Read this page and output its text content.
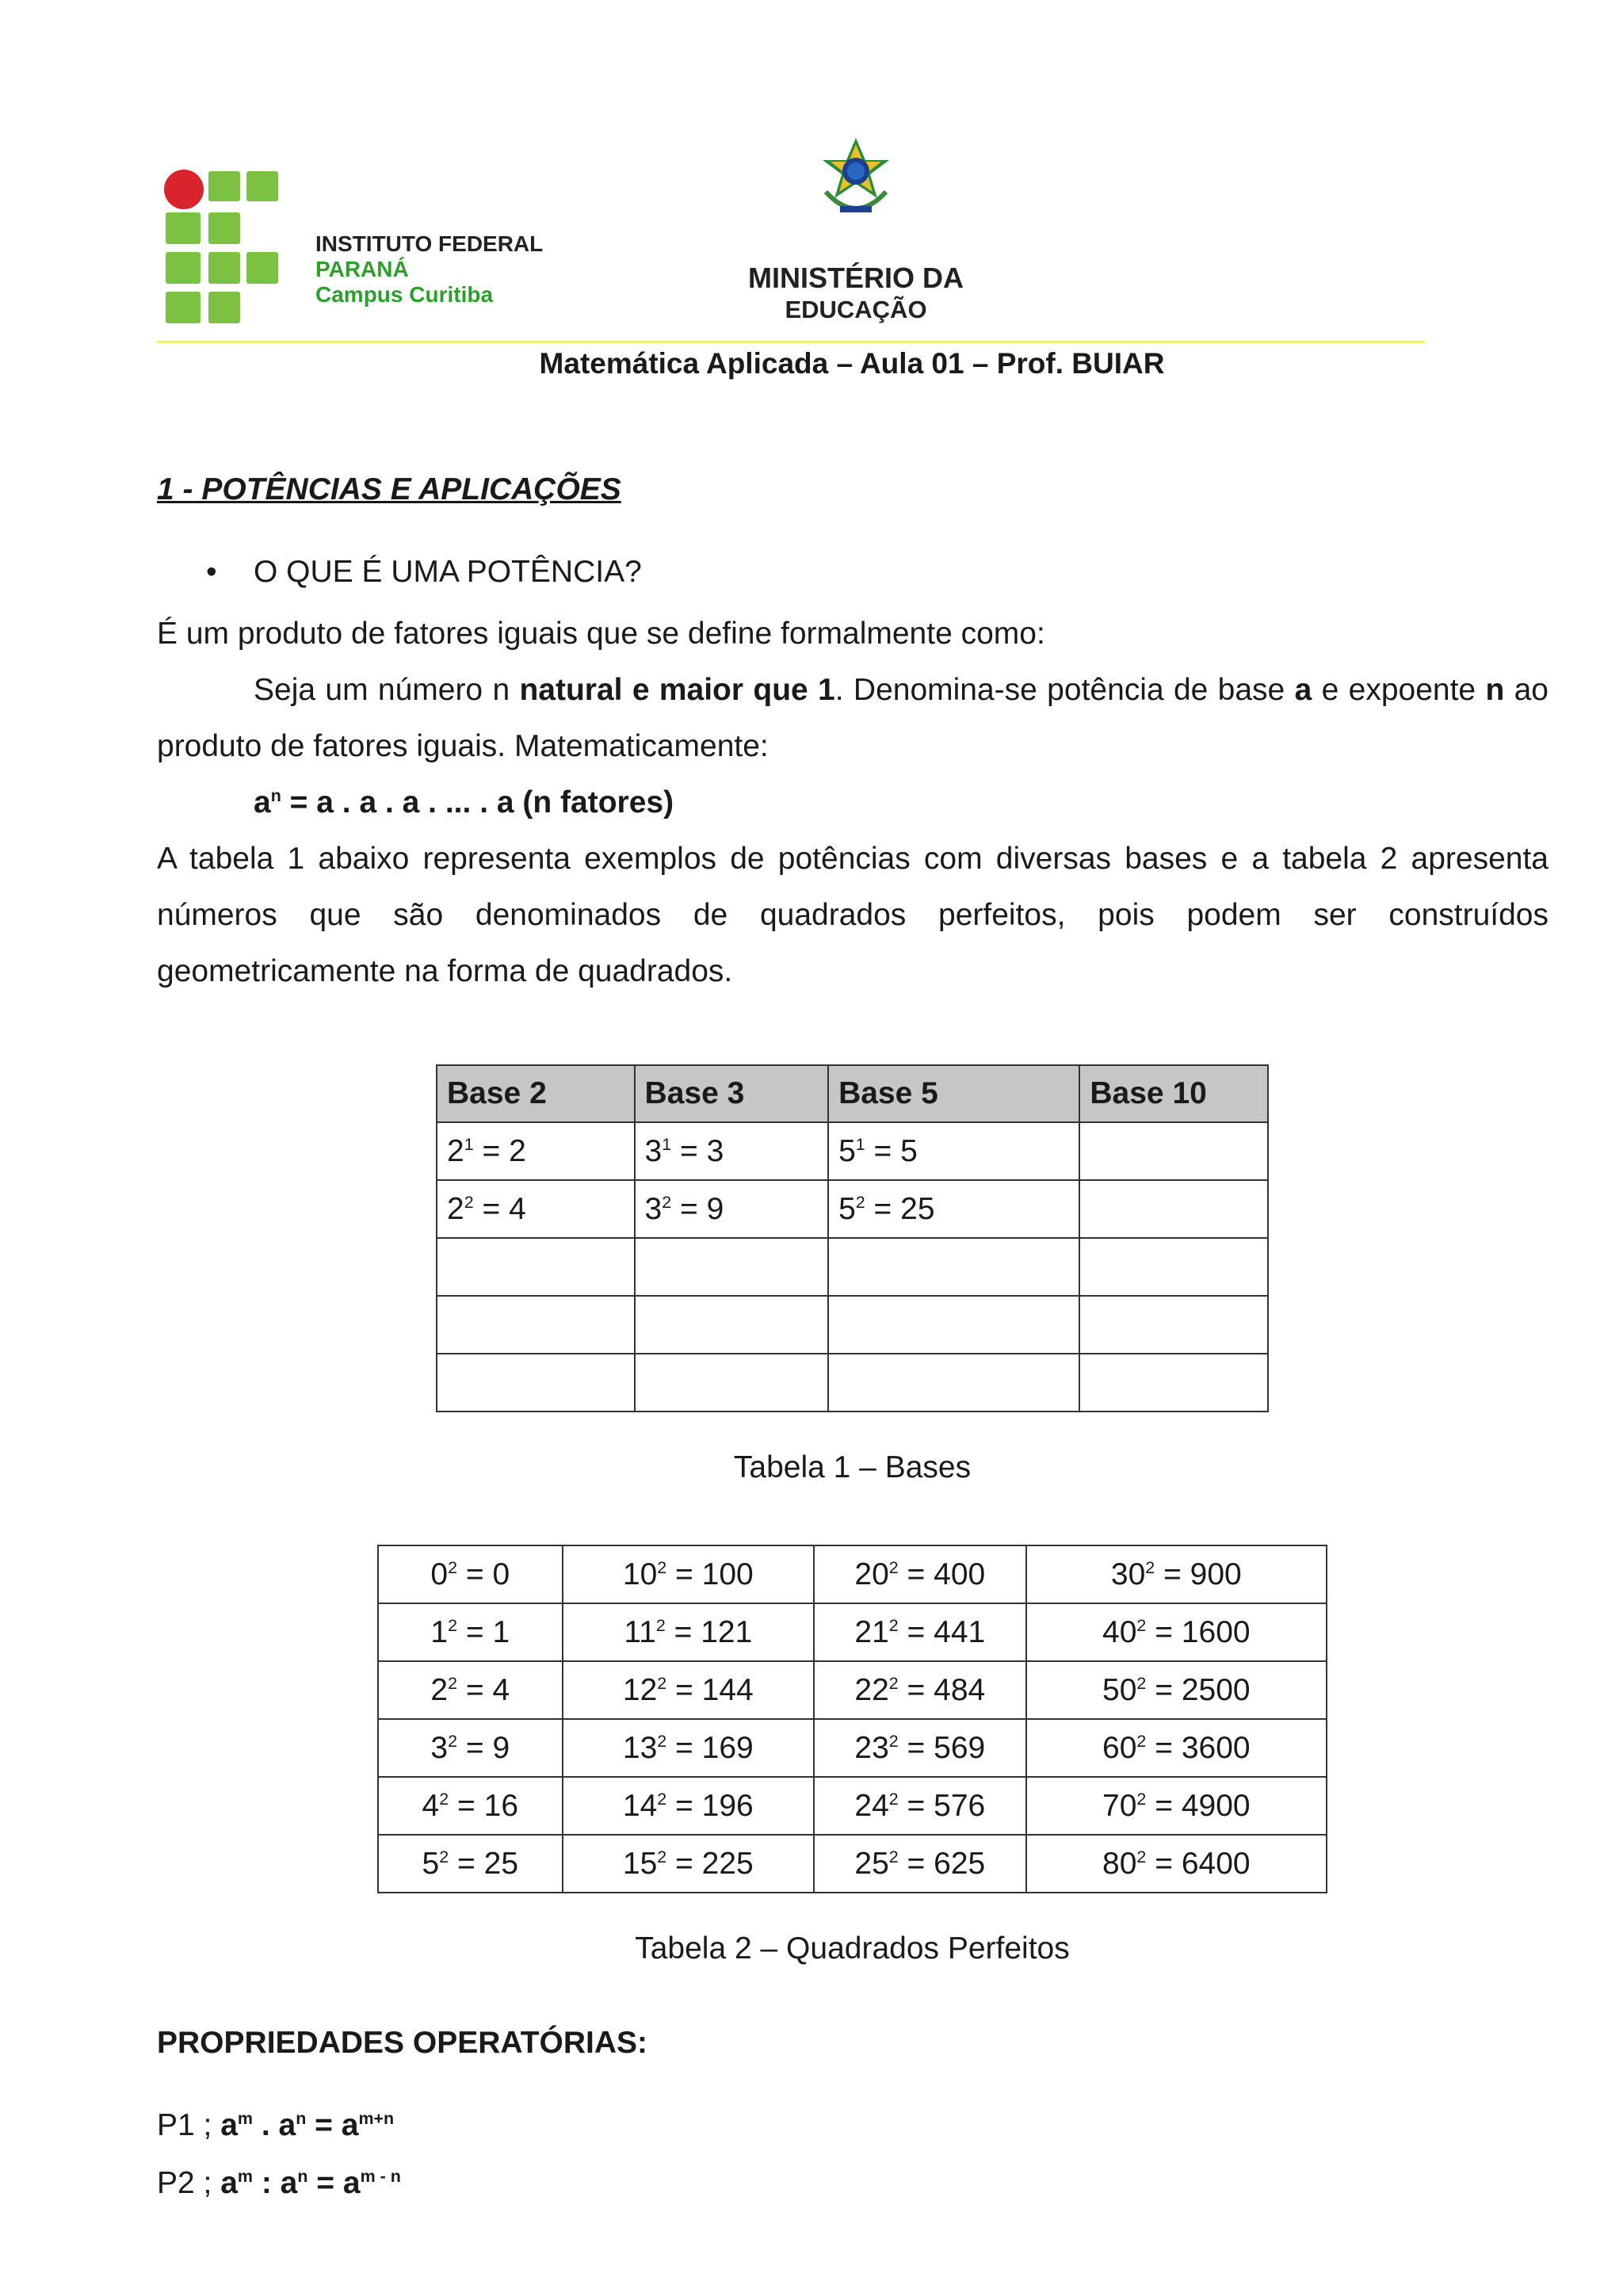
INSTITUTO FEDERAL
PARANÁ
Campus Curitiba
MINISTÉRIO DA
EDUCAÇÃO
Matemática Aplicada – Aula 01 – Prof. BUIAR
1 - POTÊNCIAS E APLICAÇÕES
• O QUE É UMA POTÊNCIA?
É um produto de fatores iguais que se define formalmente como:
Seja um número n natural e maior que 1. Denomina-se potência de base a e expoente n ao produto de fatores iguais. Matematicamente:
$a^n = a$ . a . a . ... . a (n fatores)
A tabela 1 abaixo representa exemplos de potências com diversas bases e a tabela 2 apresenta números que são denominados de quadrados perfeitos, pois podem ser construídos geometricamente na forma de quadrados.
Base 2	Base 3	Base 5	Base 10
$2^1 = 2$	$3^1 = 3$	$5^1 = 5$	
$2^2 = 4$	$3^2 = 9$	$5^2 = 25$	

Tabela 1 – Bases
$0^2 = 0$	$10^2 = 100$	$20^2 = 400$	$30^2 = 900$
$1^2 = 1$	$11^2 = 121$	$21^2 = 441$	$40^2 = 1600$
$2^2 = 4$	$12^2 = 144$	$22^2 = 484$	$50^2 = 2500$
$3^2 = 9$	$13^2 = 169$	$23^2 = 569$	$60^2 = 3600$
$4^2 = 16$	$14^2 = 196$	$24^2 = 576$	$70^2 = 4900$
$5^2 = 25$	$15^2 = 225$	$25^2 = 625$	$80^2 = 6400$
Tabela 2 – Quadrados Perfeitos
PROPRIEDADES OPERATÓRIAS:
P1 ; $a^m$ . $a^n = a^{m+n}$
P2 ; $a^m$ : $a^n = a^{m - n}$
